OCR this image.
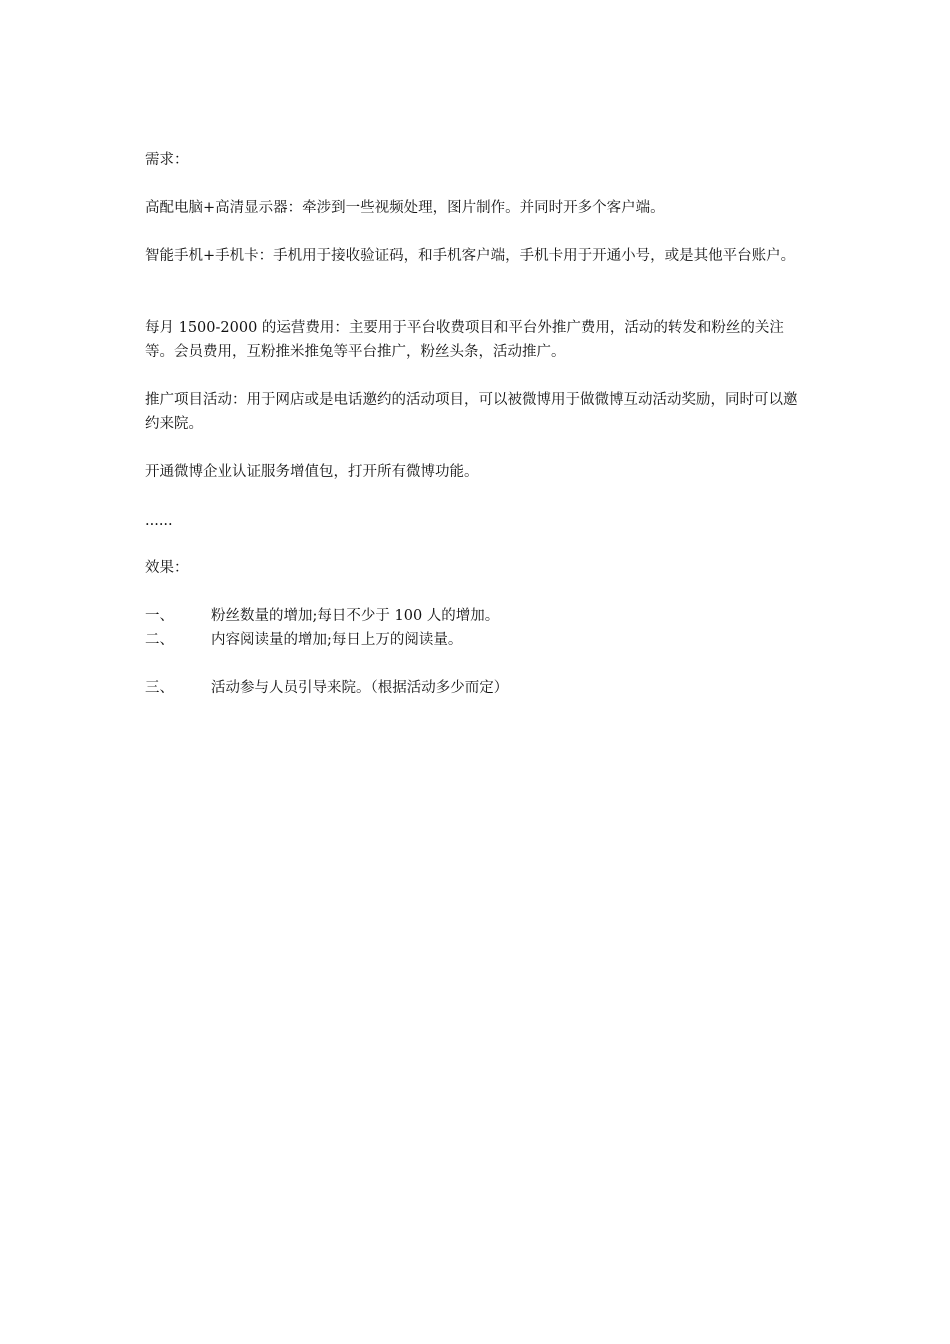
需求：

高配电脑+高清显示器：牵涉到一些视频处理，图片制作。并同时开多个客户端。

智能手机+手机卡：手机用于接收验证码，和手机客户端，手机卡用于开通小号，或是其他平台账户。

每月 1500-2000 的运营费用：主要用于平台收费项目和平台外推广费用，活动的转发和粉丝的关注等。会员费用，互粉推米推兔等平台推广，粉丝头条，活动推广。

推广项目活动：用于网店或是电话邀约的活动项目，可以被微博用于做微博互动活动奖励，同时可以邀约来院。

开通微博企业认证服务增值包，打开所有微博功能。

......

效果：

一、	粉丝数量的增加;每日不少于 100 人的增加。
二、	内容阅读量的增加;每日上万的阅读量。
三、	活动参与人员引导来院。（根据活动多少而定）
